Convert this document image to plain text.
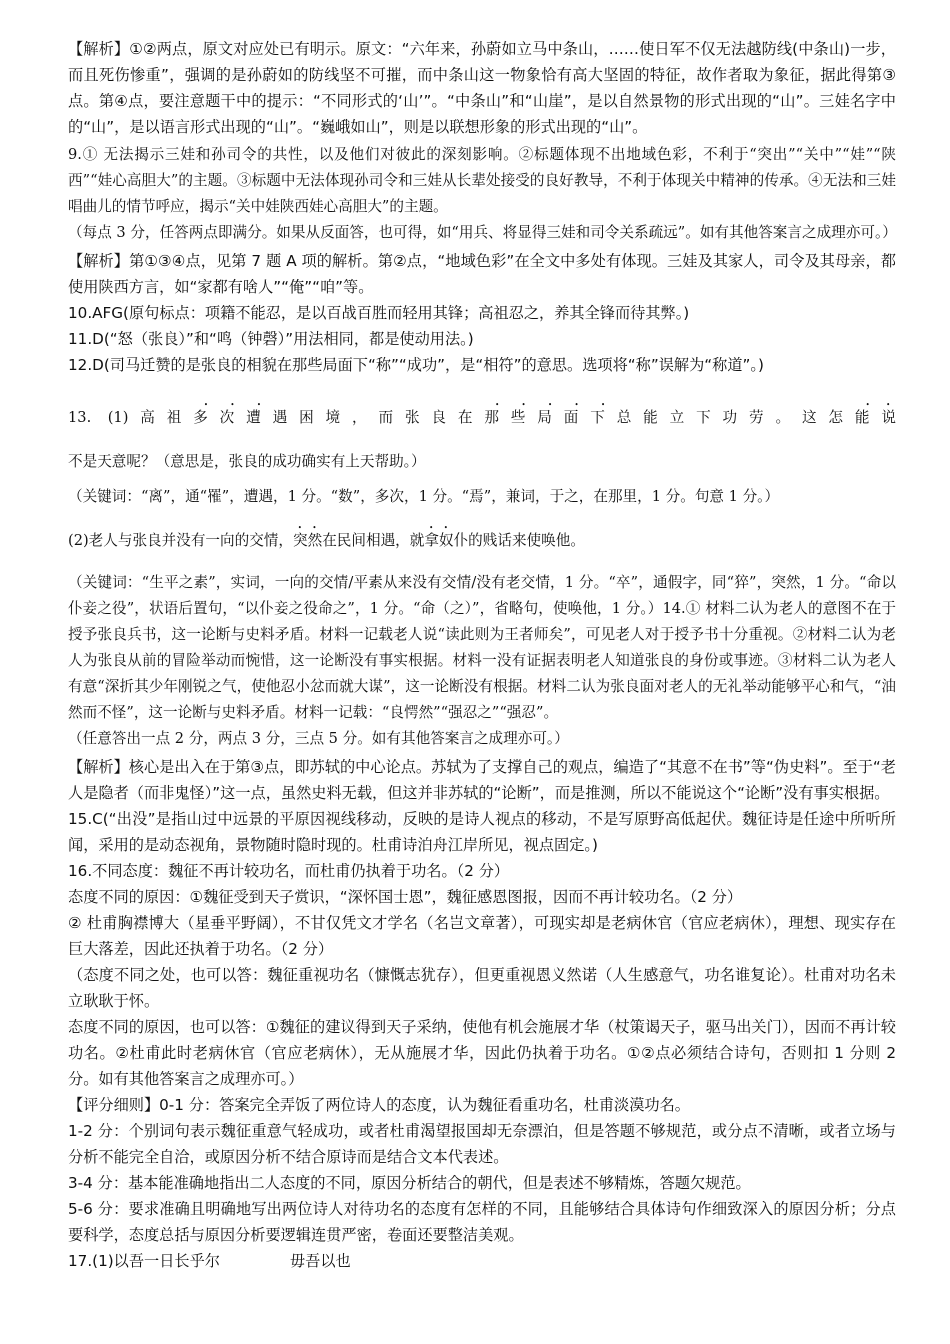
【解析】①②两点，原文对应处已有明示。原文：“六年来，孙蔚如立马中条山，……使日军不仅无法越防线(中条山)一步，而且死伤惨重”，强调的是孙蔚如的防线坚不可摧，而中条山这一物象恰有高大坚固的特征，故作者取为象征，据此得第③点。第④点，要注意题干中的提示：“不同形式的‘山’”。“中条山”和“山崖”，是以自然景物的形式出现的“山”。三娃名字中的“山”，是以语言形式出现的“山”。“巍峨如山”，则是以联想形象的形式出现的“山”。

9.① 无法揭示三娃和孙司令的共性，以及他们对彼此的深刻影响。②标题体现不出地域色彩，不利于“突出”“关中”“娃”“陕西”“娃心高胆大”的主题。③标题中无法体现孙司令和三娃从长辈处接受的良好教导，不利于体现关中精神的传承。④无法和三娃唱曲儿的情节呼应，揭示“关中娃陕西娃心高胆大”的主题。

（每点 3 分，任答两点即满分。如果从反面答，也可得，如“用兵、将显得三娃和司令关系疏远”。如有其他答案言之成理亦可。）

【解析】第①③④点，见第 7 题 A 项的解析。第②点，“地域色彩”在全文中多处有体现。三娃及其家人，司令及其母亲，都使用陕西方言，如“家都有啥人”“俺”“咱”等。

10.AFG(原句标点：项籍不能忍，是以百战百胜而轻用其锋；高祖忍之，养其全锋而待其弊。)

11.D(“怒（张良）”和“鸣（钟磬）”用法相同，都是使动用法。)

12.D(司马迁赞的是张良的相貌在那些局面下“称”“成功”，是“相符”的意思。选项将“称”误解为“称道”。)

13. (1)高祖多次遭遇困境，而张良在那些局面下总能立下功劳。这怎能说不是天意呢？（意思是，张良的成功确实有上天帮助。）

（关键词：“离”，通“罹”，遭遇，1 分。“数”，多次，1 分。“焉”，兼词，于之，在那里，1 分。句意 1 分。）

(2)老人与张良并没有一向的交情，突然在民间相遇，就拿奴仆的贱话来使唤他。

（关键词：“生平之素”，实词，一向的交情/平素从来没有交情/没有老交情，1 分。“卒”，通假字，同“猝”，突然，1 分。“命以仆妾之役”，状语后置句，“以仆妾之役命之”，1 分。“命（之）”，省略句，使唤他，1 分。）14.① 材料二认为老人的意图不在于授予张良兵书，这一论断与史料矛盾。材料一记载老人说“读此则为王者师矣”，可见老人对于授予书十分重视。②材料二认为老人为张良从前的冒险举动而惋惜，这一论断没有事实根据。材料一没有证据表明老人知道张良的身份或事迹。③材料二认为老人有意“深折其少年刚锐之气，使他忍小忿而就大谋”，这一论断没有根据。材料二认为张良面对老人的无礼举动能够平心和气，“油然而不怪”，这一论断与史料矛盾。材料一记载：“良愕然”“强忍之”“强忍”。

（任意答出一点 2 分，两点 3 分，三点 5 分。如有其他答案言之成理亦可。）

【解析】核心是出入在于第③点，即苏轼的中心论点。苏轼为了支撑自己的观点，编造了“其意不在书”等“伪史料”。至于“老人是隐者（而非鬼怪）”这一点，虽然史料无载，但这并非苏轼的“论断”，而是推测，所以不能说这个“论断”没有事实根据。

15.C(“出没”是指山过中远景的平原因视线移动，反映的是诗人视点的移动，不是写原野高低起伏。魏征诗是任途中所听所闻，采用的是动态视角，景物随时隐时现的。杜甫诗泊舟江岸所见，视点固定。)

16.不同态度：魏征不再计较功名，而杜甫仍执着于功名。（2 分）

态度不同的原因：①魏征受到天子赏识，“深怀国士恩”，魏征感恩图报，因而不再计较功名。（2 分）

② 杜甫胸襟博大（星垂平野阔），不甘仅凭文才学名（名岂文章著），可现实却是老病休官（官应老病休），理想、现实存在巨大落差，因此还执着于功名。（2 分）

（态度不同之处，也可以答：魏征重视功名（慷慨志犹存），但更重视恩义然诺（人生感意气，功名谁复论）。杜甫对功名未立耿耿于怀。

态度不同的原因，也可以答：①魏征的建议得到天子采纳，使他有机会施展才华（杖策谒天子，驱马出关门），因而不再计较功名。②杜甫此时老病休官（官应老病休），无从施展才华，因此仍执着于功名。①②点必须结合诗句，否则扣 1 分则 2 分。如有其他答案言之成理亦可。）

【评分细则】0-1 分：答案完全弄饭了两位诗人的态度，认为魏征看重功名，杜甫淡漠功名。

1-2 分：个别词句表示魏征重意气轻成功，或者杜甫渴望报国却无奈漂泊，但是答题不够规范，或分点不清晰，或者立场与分析不能完全自洽，或原因分析不结合原诗而是结合文本代表述。

3-4 分：基本能准确地指出二人态度的不同，原因分析结合的朝代，但是表述不够精炼，答题欠规范。

5-6 分：要求准确且明确地写出两位诗人对待功名的态度有怎样的不同，且能够结合具体诗句作细致深入的原因分析；分点要科学，态度总括与原因分析要逻辑连贯严密，卷面还要整洁美观。

17.(1)以吾一日长乎尔	毋吾以也
